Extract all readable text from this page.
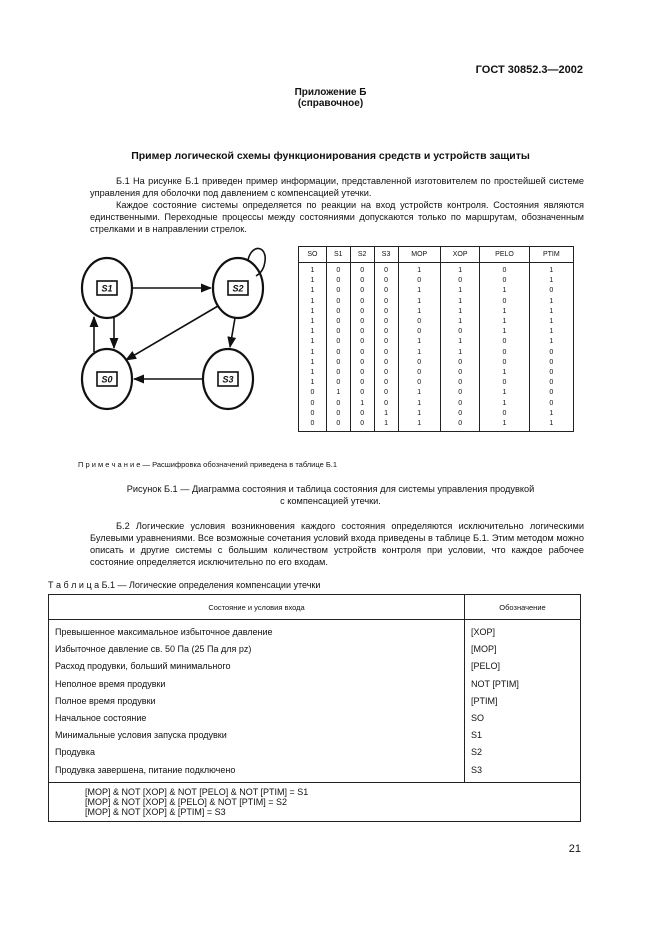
ГОСТ 30852.3—2002
Приложение Б
(справочное)
Пример логической схемы функционирования средств и устройств защиты

Б.1 На рисунке Б.1 приведен пример информации, представленной изготовителем по простейшей системе управления для оболочки под давлением с компенсацией утечки.

Каждое состояние системы определяется по реакции на вход устройств контроля. Состояния являются единственными. Переходные процессы между состояниями допускаются только по маршрутам, обозначенным стрелками и в направлении стрелок.

S1	S2
S0	S3
SO	S1	S2	S3	MOP	XOP	PELO	PTIM
1	0	0	0	1	1	0	1
1	0	0	0	0	0	0	1
1	0	0	0	1	1	1	0
1	0	0	0	1	1	0	1
1	0	0	0	1	1	1	1
1	0	0	0	0	1	1	1
1	0	0	0	0	0	1	1
1	0	0	0	1	1	0	1
1	0	0	0	1	1	0	0
1	0	0	0	0	0	0	0
1	0	0	0	0	0	1	0
1	0	0	0	0	0	0	0
0	1	0	0	1	0	1	0
0	0	1	0	1	0	1	0
0	0	0	1	1	0	0	1
0	0	0	1	1	0	1	1
П р и м е ч а н и е — Расшифровка обозначений приведена в таблице Б.1
Рисунок Б.1 — Диаграмма состояния и таблица состояния для системы управления продувкой
с компенсацией утечки.

Б.2 Логические условия возникновения каждого состояния определяются исключительно логическими Булевыми уравнениями. Все возможные сочетания условий входа приведены в таблице Б.1. Этим методом можно описать и другие системы с большим количеством устройств контроля при условии, что каждое рабочее состояние определяется исключительно по его входам.

Т а б л и ц а Б.1 — Логические определения компенсации утечки
Состояние и условия входа	Обозначение
Превышенное максимальное избыточное давление	[XOP]
Избыточное давление св. 50 Па (25 Па для pz)	[MOP]
Расход продувки, больший минимального	[PELO]
Неполное время продувки	NOT [PTIM]
Полное время продувки	[PTIM]
Начальное состояние	SO
Минимальные условия запуска продувки	S1
Продувка	S2
Продувка завершена, питание подключено	S3

[MOP] & NOT [XOP] & NOT [PELO] & NOT [PTIM] = S1
[MOP] & NOT [XOP] & [PELO] & NOT [PTIM] = S2
[MOP] & NOT [XOP] & [PTIM] = S3	
21
